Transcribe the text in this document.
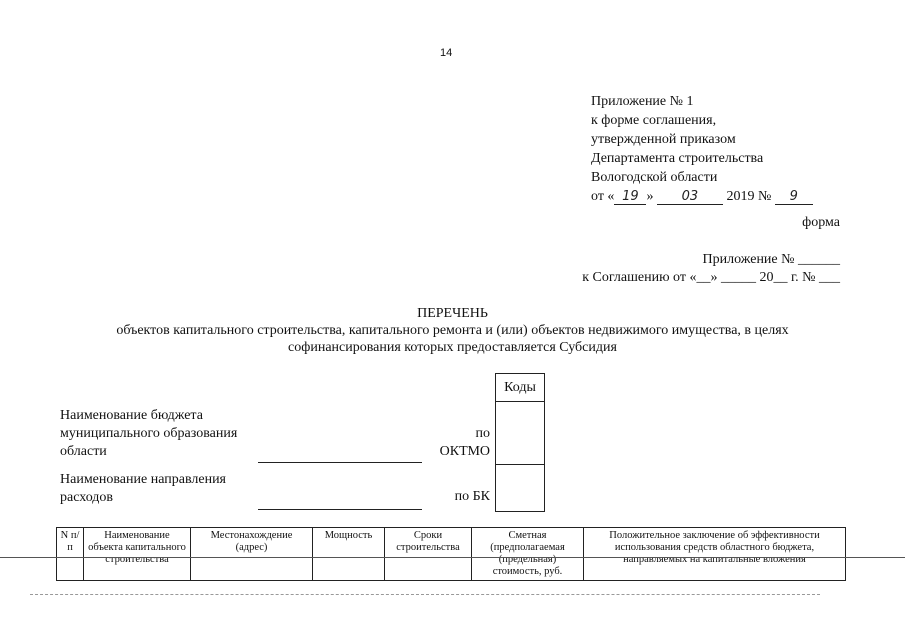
14
Приложение № 1
к форме соглашения,
утвержденной приказом
Департамента строительства
Вологодской области
от « 19 » 03 2019 № 9
форма
Приложение № ______
к Соглашению от «__» _____ 20__ г. № ___
ПЕРЕЧЕНЬ
объектов капитального строительства, капитального ремонта и (или) объектов недвижимого имущества, в целях
софинансирования которых предоставляется Субсидия
Коды
Наименование бюджета
муниципального образования
области
по
ОКТМО
Наименование направления
расходов	по БК
N п/п	Наименование объекта капитального строительства	Местонахождение (адрес)	Мощность	Сроки строительства	Сметная (предполагаемая (предельная) стоимость, руб.	Положительное заключение об эффективности использования средств областного бюджета, направляемых на капитальные вложения
